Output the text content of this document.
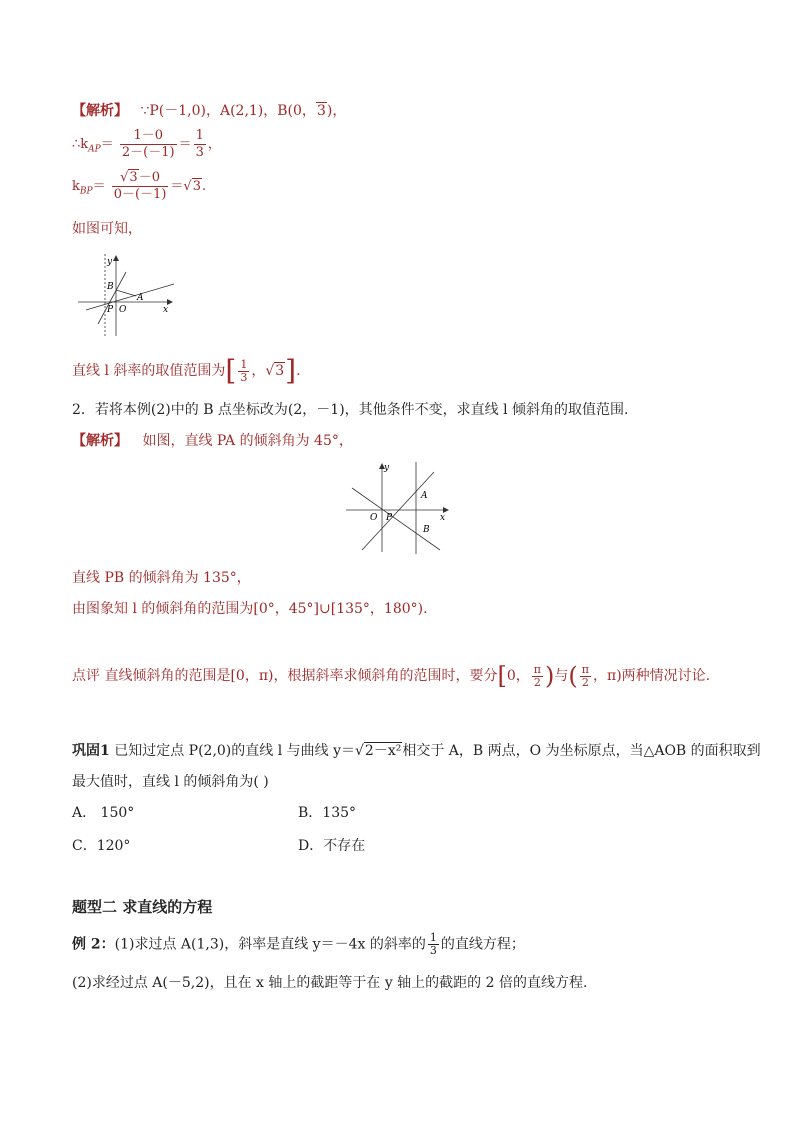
【解析】 ∵P(－1,0)，A(2,1)，B(0，3)，
$\therefore k_{AP}= \frac{1-0}{2-(-1)} = \frac{1}{3}$ ，
$k_{BP}= \frac{√3-0}{0-(-1)} =√3$.
如图可知，
y
x
B
A
P O
直线 l 斜率的取值范围为[ $\frac{1}{3}$ ，√3].
2．若将本例(2)中的 B 点坐标改为(2，－1)，其他条件不变，求直线 l 倾斜角的取值范围.
【解析】 如图，直线 PA 的倾斜角为 45°，
y
x
A
B
P
O
直线 PB 的倾斜角为 135°，
由图象知 l 的倾斜角的范围为[0°，45°]∪[135°，180°).
点评 直线倾斜角的范围是[0，π)，根据斜率求倾斜角的范围时，要分[0， $\frac{\pi}{2}$ )与( $\frac{\pi}{2}$ ，π)两种情况讨论.
巩固1 已知过定点 P(2,0)的直线 l 与曲线 y＝√2－x²相交于 A，B 两点，O 为坐标原点，当△AOB 的面积取到
最大值时，直线 l 的倾斜角为( )
A． 150°	B．135°
C．120°	D．不存在
题型二 求直线的方程
例 2：(1)求过点 A(1,3)，斜率是直线 y＝－4x 的斜率的 $\frac{1}{3}$ 的直线方程；
(2)求经过点 A(－5,2)，且在 x 轴上的截距等于在 y 轴上的截距的 2 倍的直线方程.
